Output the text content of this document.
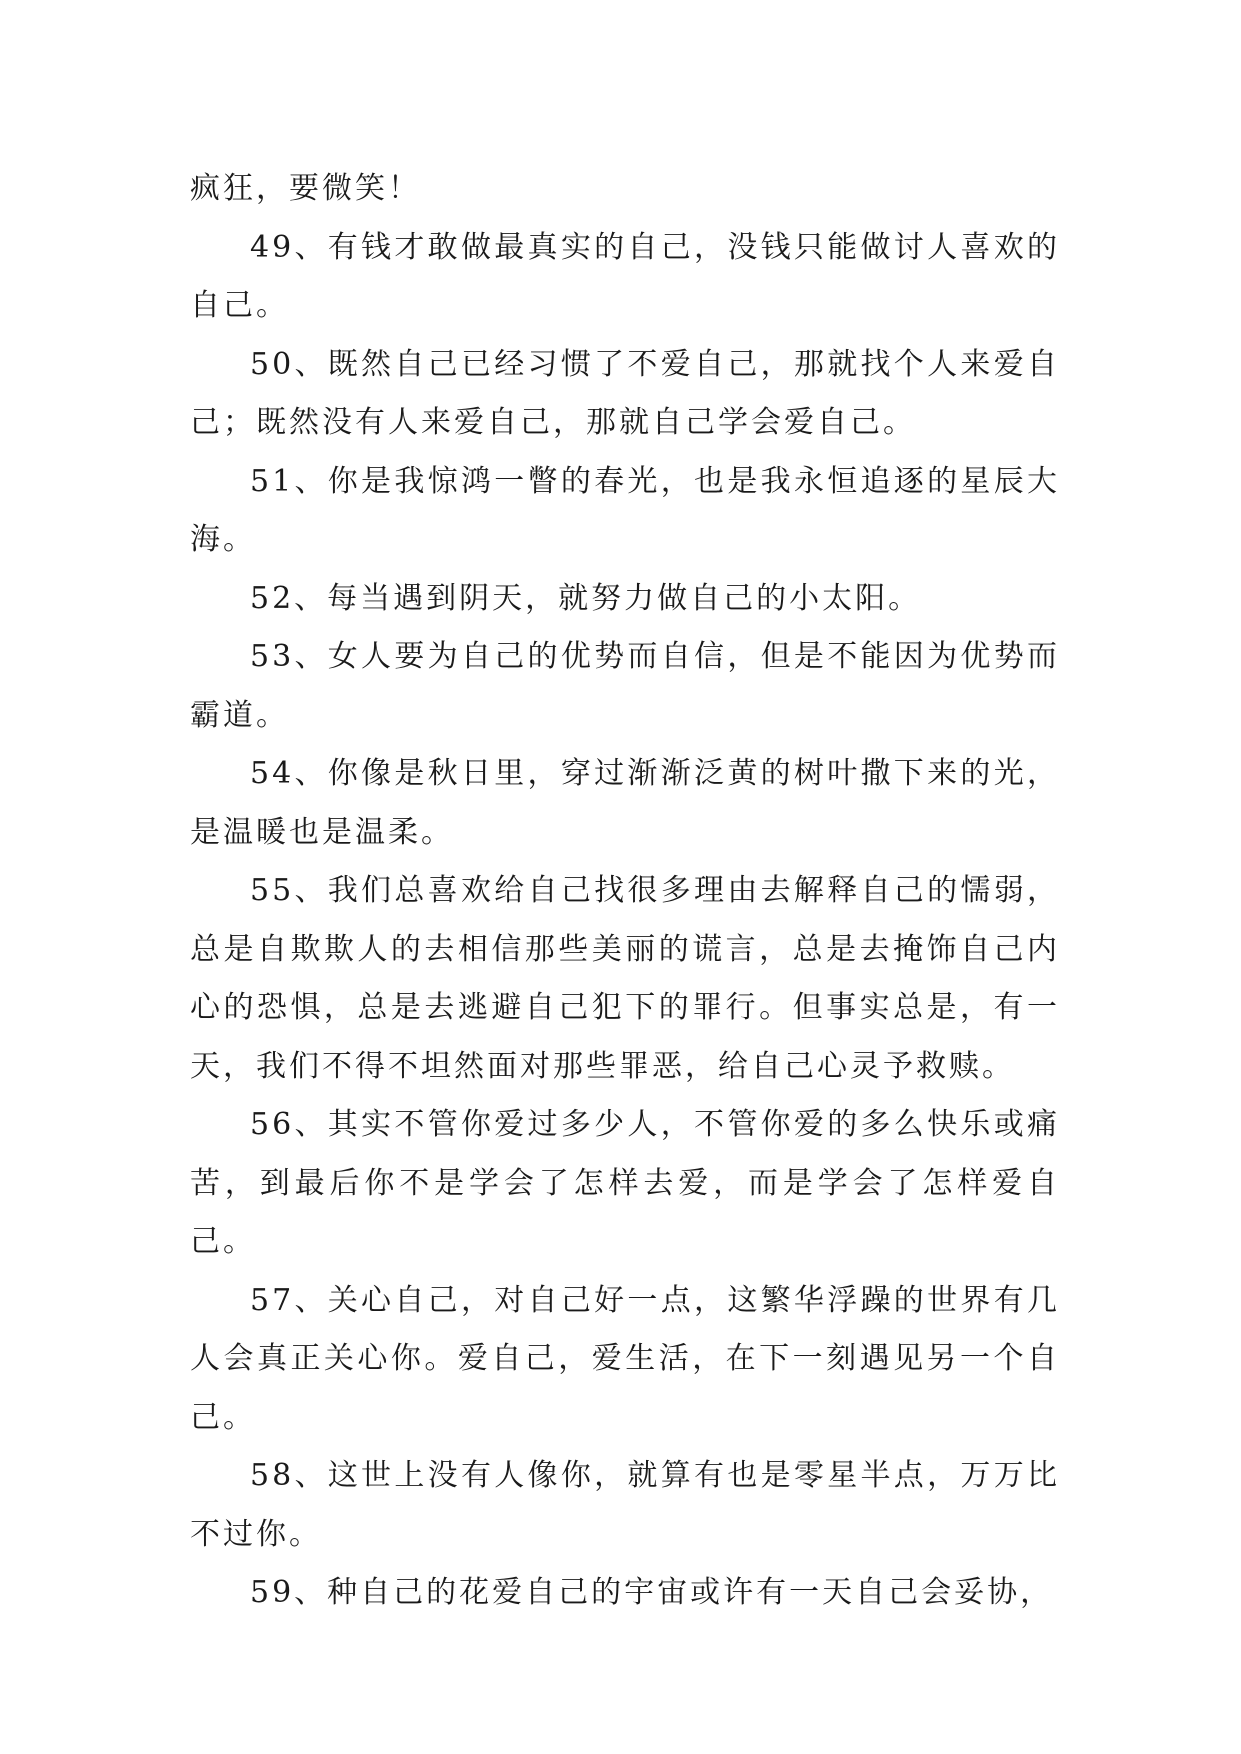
疯狂，要微笑！

49、有钱才敢做最真实的自己，没钱只能做讨人喜欢的自己。

50、既然自己已经习惯了不爱自己，那就找个人来爱自己；既然没有人来爱自己，那就自己学会爱自己。

51、你是我惊鸿一瞥的春光，也是我永恒追逐的星辰大海。

52、每当遇到阴天，就努力做自己的小太阳。

53、女人要为自己的优势而自信，但是不能因为优势而霸道。

54、你像是秋日里，穿过渐渐泛黄的树叶撒下来的光，是温暖也是温柔。

55、我们总喜欢给自己找很多理由去解释自己的懦弱，总是自欺欺人的去相信那些美丽的谎言，总是去掩饰自己内心的恐惧，总是去逃避自己犯下的罪行。但事实总是，有一天，我们不得不坦然面对那些罪恶，给自己心灵予救赎。

56、其实不管你爱过多少人，不管你爱的多么快乐或痛苦，到最后你不是学会了怎样去爱，而是学会了怎样爱自己。

57、关心自己，对自己好一点，这繁华浮躁的世界有几人会真正关心你。爱自己，爱生活，在下一刻遇见另一个自己。

58、这世上没有人像你，就算有也是零星半点，万万比不过你。

59、种自己的花爱自己的宇宙或许有一天自己会妥协，
